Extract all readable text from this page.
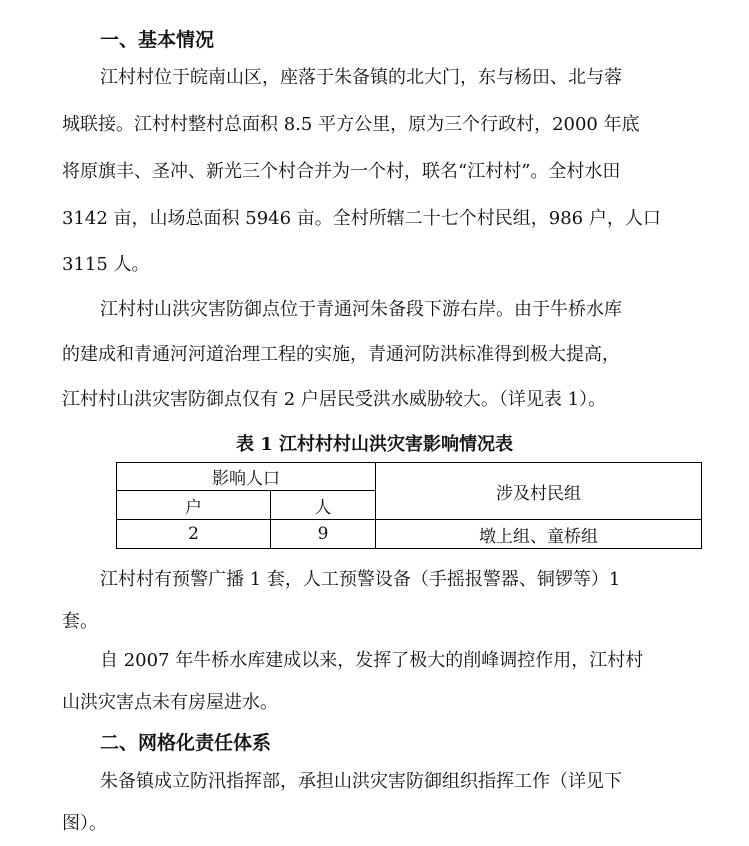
一、基本情况
江村村位于皖南山区，座落于朱备镇的北大门，东与杨田、北与蓉
城联接。江村村整村总面积 8.5 平方公里，原为三个行政村，2000 年底
将原旗丰、圣冲、新光三个村合并为一个村，联名“江村村”。全村水田
3142 亩，山场总面积 5946 亩。全村所辖二十七个村民组，986 户，人口
3115 人。
江村村山洪灾害防御点位于青通河朱备段下游右岸。由于牛桥水库
的建成和青通河河道治理工程的实施，青通河防洪标准得到极大提高，
江村村山洪灾害防御点仅有 2 户居民受洪水威胁较大。（详见表 1）。
表 1 江村村村山洪灾害影响情况表
影响人口		涉及村民组
户	人	
2	9	墩上组、童桥组
江村村有预警广播 1 套，人工预警设备（手摇报警器、铜锣等）1
套。
自 2007 年牛桥水库建成以来，发挥了极大的削峰调控作用，江村村
山洪灾害点未有房屋进水。
二、网格化责任体系
朱备镇成立防汛指挥部，承担山洪灾害防御组织指挥工作（详见下
图）。
